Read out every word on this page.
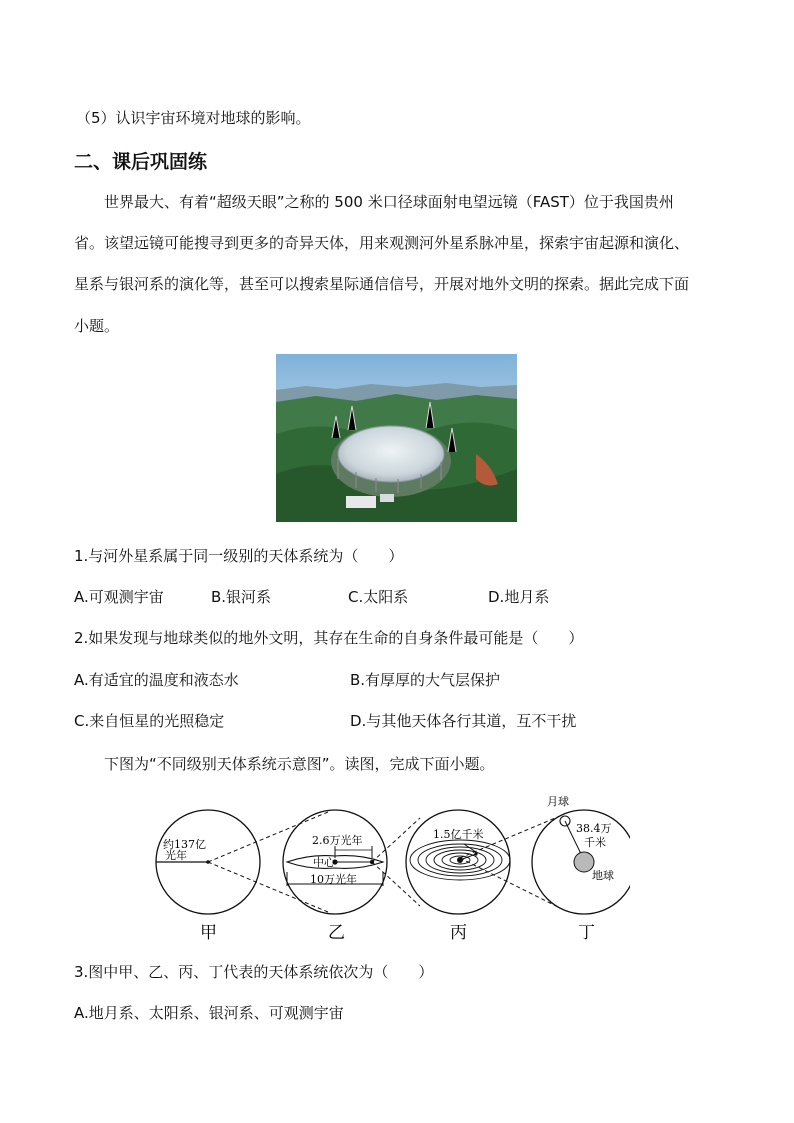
（5）认识宇宙环境对地球的影响。
二、课后巩固练
世界最大、有着“超级天眼”之称的 500 米口径球面射电望远镜（FAST）位于我国贵州
省。该望远镜可能搜寻到更多的奇异天体，用来观测河外星系脉冲星，探索宇宙起源和演化、
星系与银河系的演化等，甚至可以搜索星际通信信号，开展对地外文明的探索。据此完成下面
小题。
1.与河外星系属于同一级别的天体系统为（　　）
A.可观测宇宙	B.银河系	C.太阳系	D.地月系
2.如果发现与地球类似的地外文明，其存在生命的自身条件最可能是（　　）
A.有适宜的温度和液态水	B.有厚厚的大气层保护
C.来自恒星的光照稳定	D.与其他天体各行其道，互不干扰
下图为“不同级别天体系统示意图”。读图，完成下面小题。
约137亿
光年
2.6万光年
中心
10万光年
1.5亿千米
月球
38.4万
千米
地球
甲	乙	丙	丁
3.图中甲、乙、丙、丁代表的天体系统依次为（　　）
A.地月系、太阳系、银河系、可观测宇宙
